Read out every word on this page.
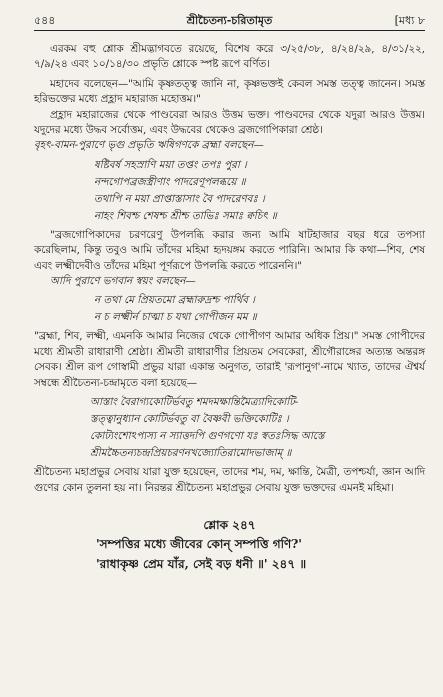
৫৪৪	শ্রীচৈতন্য-চরিতামৃত	[মধ্য ৮

এরকম বহু শ্লোক শ্রীমদ্ভাগবতে রয়েছে, বিশেষ করে ৩/২৫/৩৮, ৪/২৪/২৯, ৪/৩১/২২, ৭/৯/২৪ এবং ১০/১৪/৩০ প্রভৃতি শ্লোকে স্পষ্ট রূপে বর্ণিত।

মহাদেব বলেছেন—"আমি কৃষ্ণতত্ত্ব জানি না, কৃষ্ণভক্তই কেবল সমস্ত তত্ত্ব জানেন। সমস্ত হরিভক্তের মধ্যে প্রহ্লাদ মহারাজ মহোত্তম।"

প্রহ্লাদ মহারাজের থেকে পাণ্ডবেরা আরও উত্তম ভক্ত। পাণ্ডবদের থেকে যদুরা আরও উত্তম। যদুদের মধ্যে উদ্ধব সর্বোত্তম, এবং উদ্ধবের থেকেও ব্রজগোপিকারা শ্রেষ্ঠ।

বৃহৎ-বামন-পুরাণে ভৃগু প্রভৃতি ঋষিগণকে ব্রহ্মা বলছেন—

ষষ্টিবর্ষ সহস্রাণি ময়া তপ্তং তপঃ পুরা ।
নন্দগোপব্রজস্ত্রীণাং পাদরেণূপলব্ধয়ে ॥
তথাপি ন ময়া প্রাপ্তাস্তাসাং বৈ পাদরেণবঃ ।
নাহং শিবশ্চ শেষশ্চ শ্রীশ্চ তাভিঃ সমাঃ ক্বচিৎ ॥

"ব্রজগোপিকাদের চরণরেণু উপলব্ধি করার জন্য আমি ষাটহাজার বছর ধরে তপস্যা করেছিলাম, কিন্তু তবুও আমি তাঁদের মহিমা হৃদয়ঙ্গম করতে পারিনি। আমার কি কথা—শিব, শেষ এবং লক্ষ্মীদেবীও তাঁদের মহিমা পূর্ণরূপে উপলব্ধি করতে পারেননি।"

আদি পুরাণে ভগবান স্বয়ং বলছেন—

ন তথা মে প্রিয়তমো ব্রহ্মারুদ্রশ্চ পার্থিব ।
ন চ লক্ষ্মীর্ন চাত্মা চ যথা গোপীজন মম ॥

"ব্রহ্মা, শিব, লক্ষ্মী, এমনকি আমার নিজের থেকে গোপীগণ আমার অধিক প্রিয়।" সমস্ত গোপীদের মধ্যে শ্রীমতী রাধারাণী শ্রেষ্ঠা। শ্রীমতী রাধারাণীর প্রিয়তম সেবকেরা, শ্রীগৌরাঙ্গের অত্যন্ত অন্তরঙ্গ সেবক। শ্রীল রূপ গোস্বামী প্রভুর যারা একান্ত অনুগত, তারাই 'রূপানুগ'-নামে খ্যাত, তাদের ঐশ্বর্য সম্বন্ধে শ্রীচৈতন্য-চন্দ্রামৃতে বলা হয়েছে—

আস্তাং বৈরাগ্যকোটির্ভবতু শমদমক্ষান্তিমৈত্র্যাদিকোটি-
স্তত্ত্বানুধ্যান কোটির্ভবতু বা বৈষ্ণবী ভক্তিকোটিঃ ।
কোট্যংশোঽপ্যস্য ন স্যাত্তদপি গুণগণো যঃ স্বতঃসিদ্ধ আস্তে
শ্রীমচ্চৈতন্যচন্দ্রপ্রিয়চরণনখজ্যোতিরামোদভাজাম্ ॥

শ্রীচৈতন্য মহাপ্রভুর সেবায় যারা যুক্ত হয়েছেন, তাদের শম, দম, ক্ষান্তি, মৈত্রী, তপশ্চর্যা, জ্ঞান আদি গুণের কোন তুলনা হয় না। নিরন্তর শ্রীচৈতন্য মহাপ্রভুর সেবায় যুক্ত ভক্তদের এমনই মহিমা।

শ্লোক ২৪৭
'সম্পত্তির মধ্যে জীবের কোন্ সম্পত্তি গণি?'
'রাধাকৃষ্ণ প্রেম যাঁর, সেই বড় ধনী ॥' ২৪৭ ॥
